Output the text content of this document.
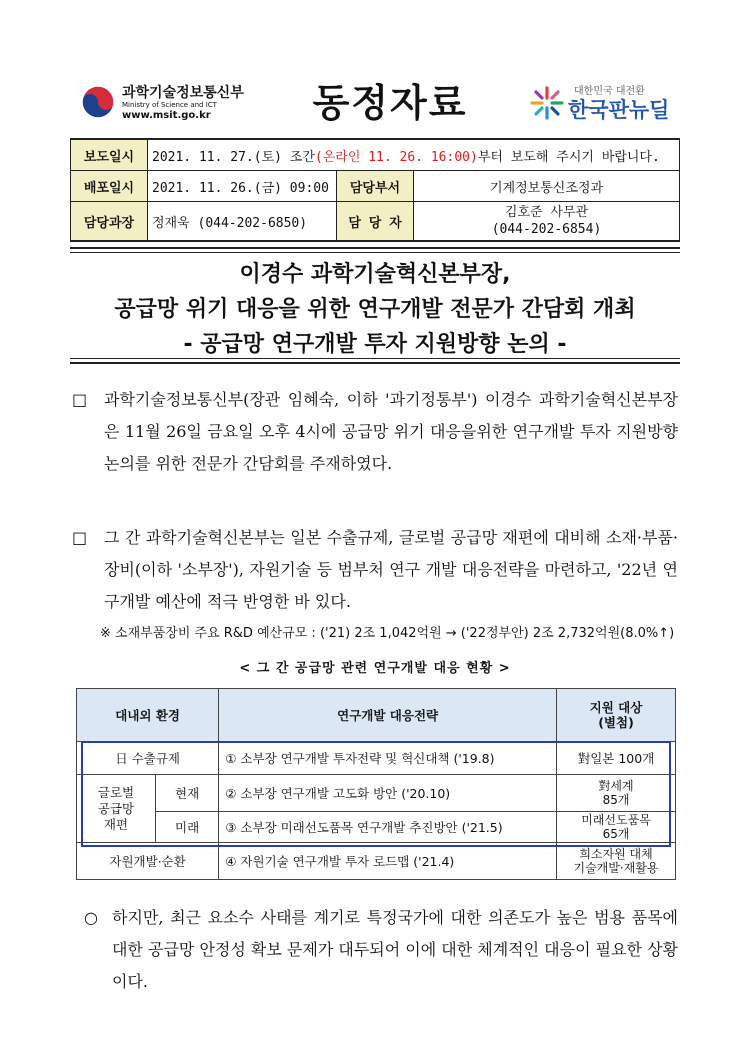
과학기술정보통신부
Ministry of Science and ICT
www.msit.go.kr	동정자료	대한민국 대전환
한국판뉴딜
보도일시	2021. 11. 27.(토) 조간(온라인 11. 26. 16:00)부터 보도해 주시기 바랍니다.		
배포일시	2021. 11. 26.(금) 09:00	담당부서	기계정보통신조정과
담당과장	정재욱 (044-202-6850)	담 당 자	김호준 사무관
(044-202-6854)
이경수 과학기술혁신본부장,
공급망 위기 대응을 위한 연구개발 전문가 간담회 개최
- 공급망 연구개발 투자 지원방향 논의 -
□ 과학기술정보통신부(장관 임혜숙, 이하 '과기정통부') 이경수 과학기술혁신본부장은 11월 26일 금요일 오후 4시에 공급망 위기 대응을위한 연구개발 투자 지원방향 논의를 위한 전문가 간담회를 주재하였다.
□ 그 간 과학기술혁신본부는 일본 수출규제, 글로벌 공급망 재편에 대비해 소재·부품·장비(이하 '소부장'), 자원기술 등 범부처 연구 개발 대응전략을 마련하고, '22년 연구개발 예산에 적극 반영한 바 있다.
※ 소재부품장비 주요 R&D 예산규모 : ('21) 2조 1,042억원 → ('22정부안) 2조 2,732억원(8.0%↑)
< 그 간 공급망 관련 연구개발 대응 현황 >
대내외 환경		연구개발 대응전략	지원 대상
(별첨)
日 수출규제		① 소부장 연구개발 투자전략 및 혁신대책 ('19.8)	對일본 100개
글로벌
공급망
재편	현재	② 소부장 연구개발 고도화 방안 ('20.10)	對세계
85개
	미래	③ 소부장 미래선도품목 연구개발 추진방안 ('21.5)	미래선도품목
65개
자원개발·순환		④ 자원기술 연구개발 투자 로드맵 ('21.4)	희소자원 대체
기술개발·재활용
○ 하지만, 최근 요소수 사태를 계기로 특정국가에 대한 의존도가 높은 범용 품목에 대한 공급망 안정성 확보 문제가 대두되어 이에 대한 체계적인 대응이 필요한 상황이다.
